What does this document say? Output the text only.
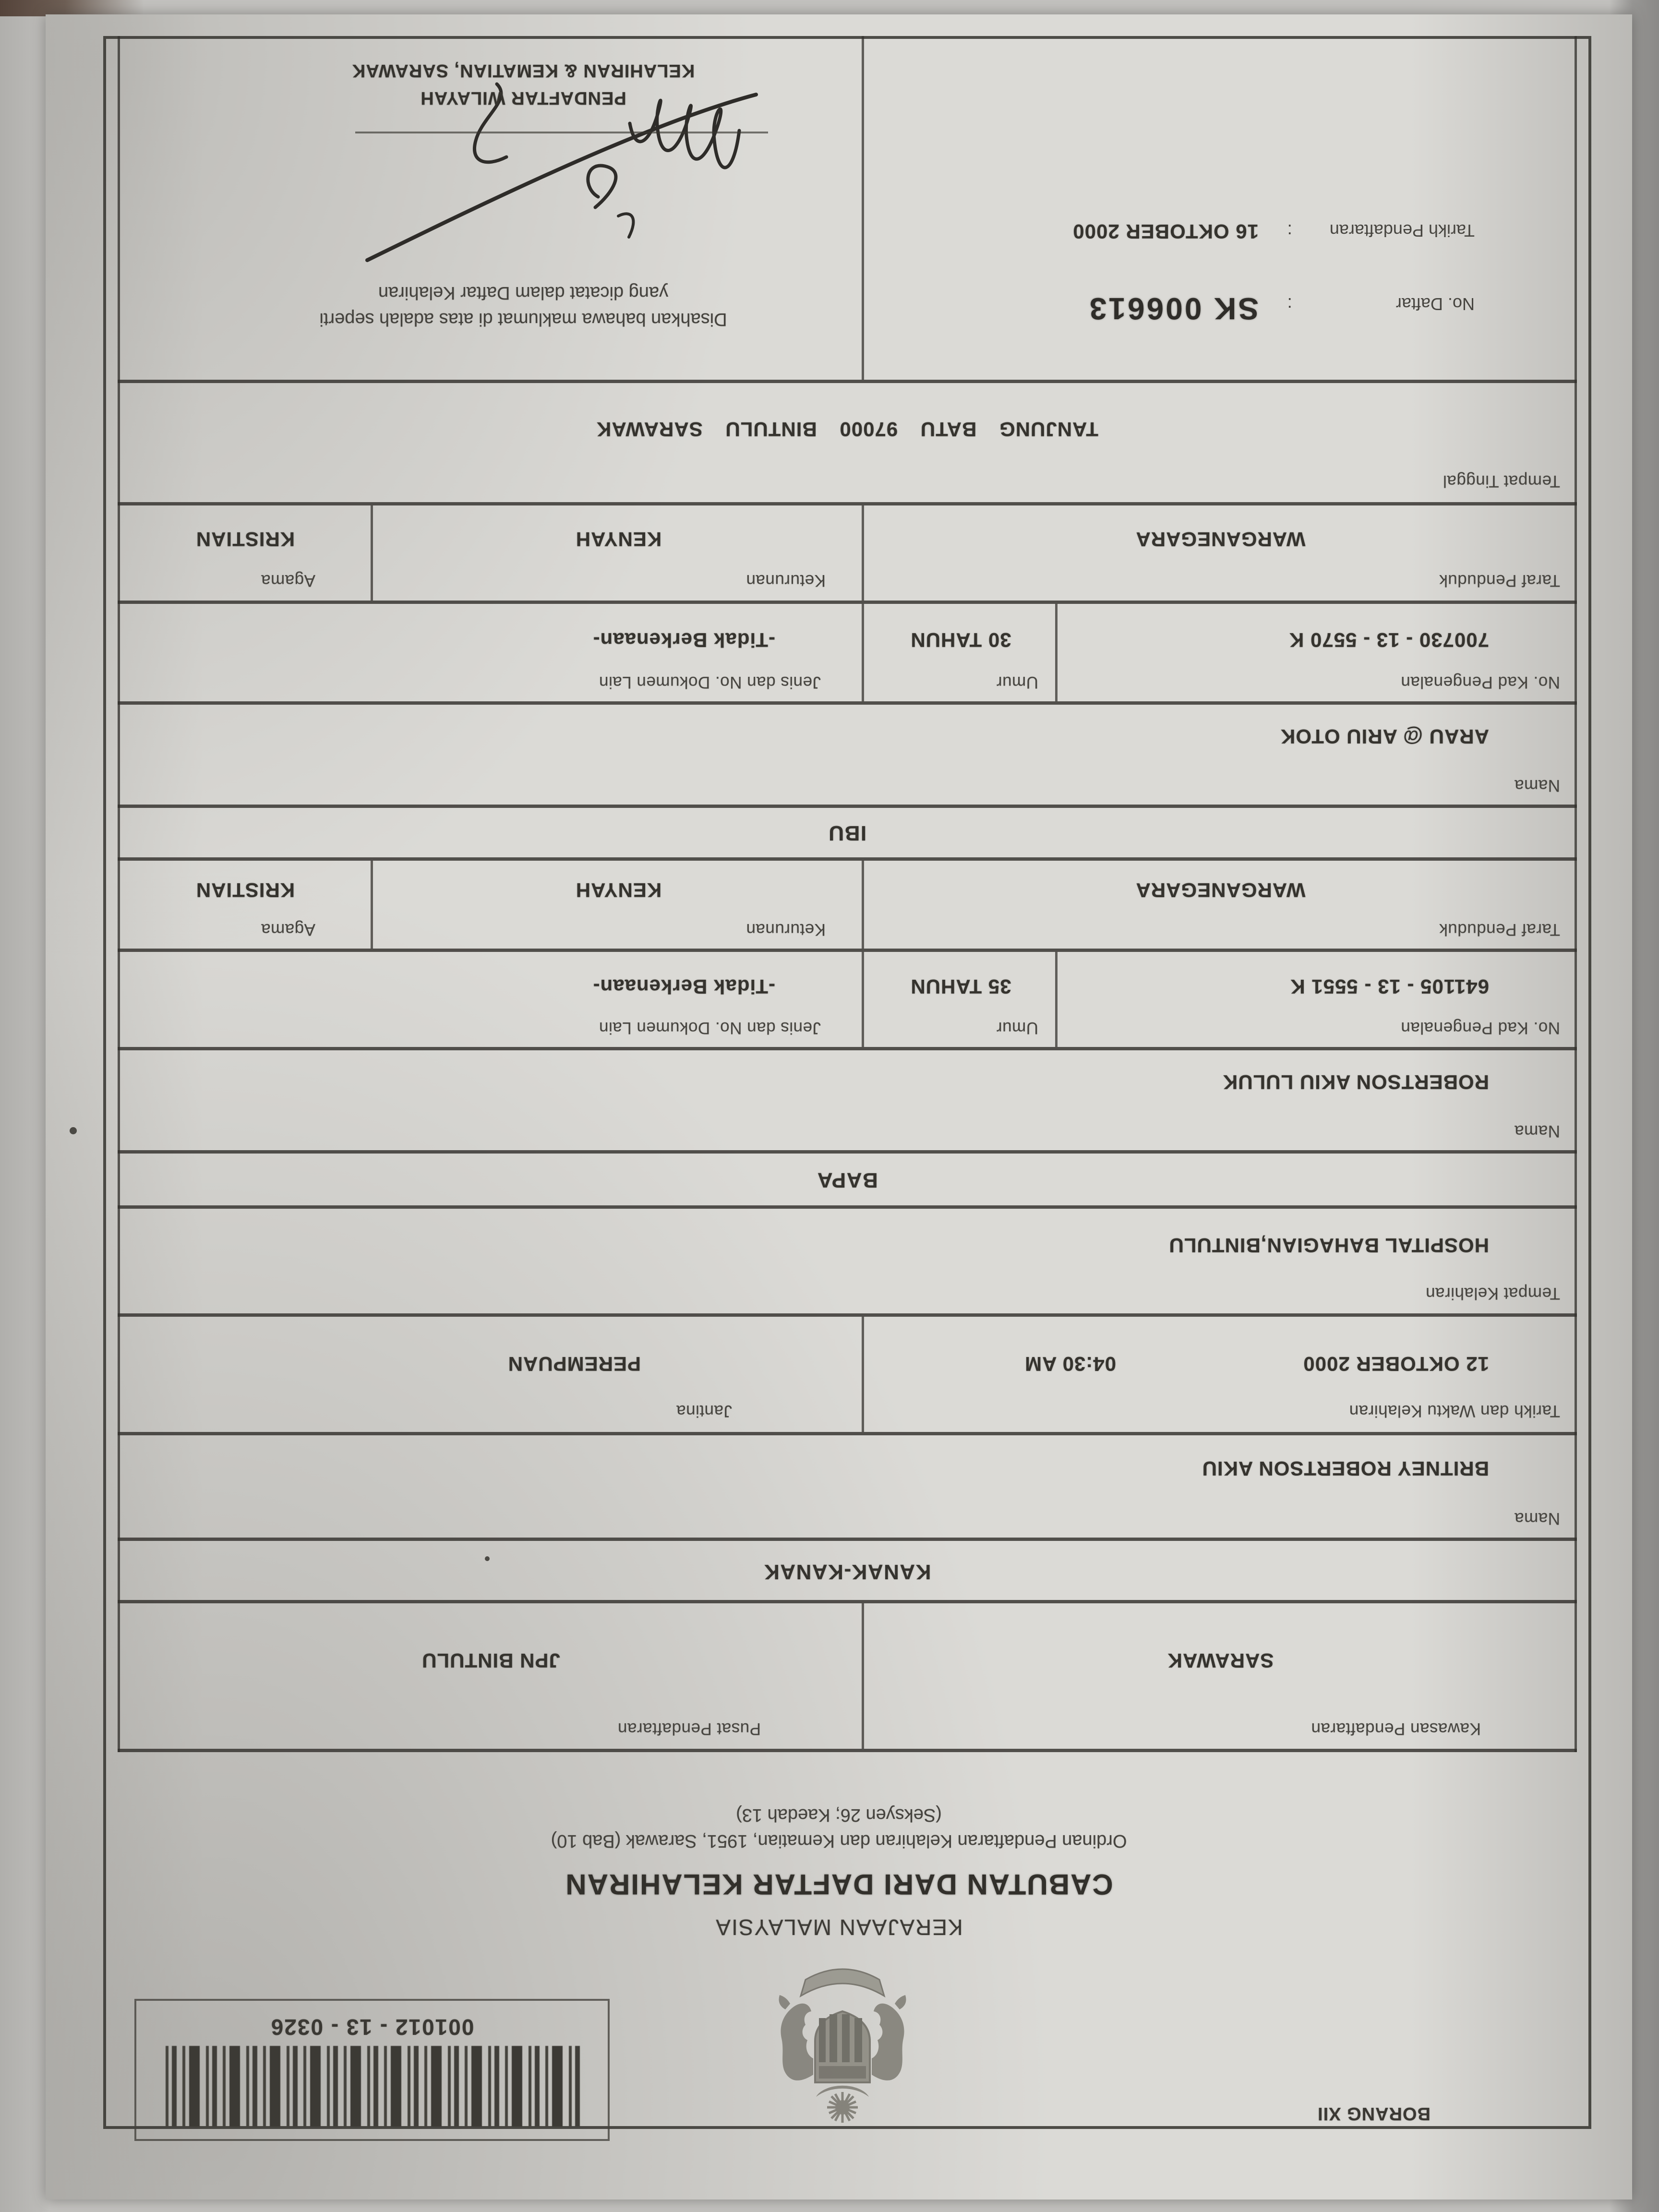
BORANG XII
001012 - 13 - 0326
KERAJAAN MALAYSIA
CABUTAN DARI DAFTAR KELAHIRAN
Ordinan Pendaftaran Kelahiran dan Kematian, 1951, Sarawak (Bab 10)
(Seksyen 26; Kaedah 13)
Kawasan Pendaftaran
SARAWAK
Pusat Pendaftaran
JPN BINTULU
KANAK-KANAK
Nama
BRITNEY ROBERTSON AKIU
Tarikh dan Waktu Kelahiran
12 OKTOBER 2000
04:30 AM
Jantina
PEREMPUAN
Tempat Kelahiran
HOSPITAL BAHAGIAN,BINTULU
BAPA
Nama
ROBERTSON AKIU LULUK
No. Kad Pengenalan
641105 - 13 - 5551 K
Umur
35 TAHUN
Jenis dan No. Dokumen Lain
-Tidak Berkenaan-
Taraf Penduduk
WARGANEGARA
Keturunan
KENYAH
Agama
KRISTIAN
IBU
Nama
ARAU @ ARIU OTOK
No. Kad Pengenalan
700730 - 13 - 5570 K
Umur
30 TAHUN
Jenis dan No. Dokumen Lain
-Tidak Berkenaan-
Taraf Penduduk
WARGANEGARA
Keturunan
KENYAH
Agama
KRISTIAN
Tempat Tinggal
TANJUNG BATU 97000 BINTULU SARAWAK
No. Daftar
:
SK 006613
Tarikh Pendaftaran
:
16 OKTOBER 2000
Disahkan bahawa maklumat di atas adalah seperti
yang dicatat dalam Daftar Kelahiran
PENDAFTAR WILAYAH
KELAHIRAN & KEMATIAN, SARAWAK
